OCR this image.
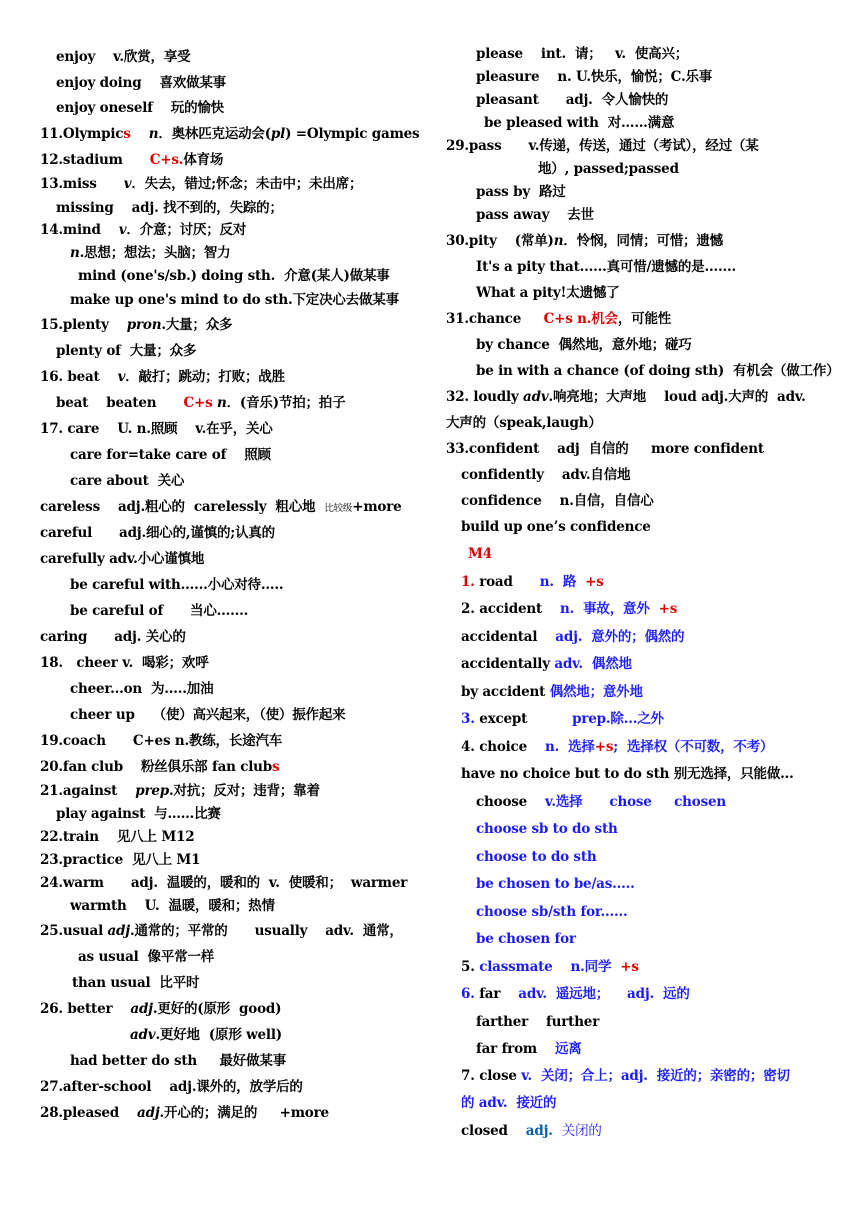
enjoy    v.欣赏，享受
enjoy doing    喜欢做某事
enjoy oneself    玩的愉快
11.Olympics n．奥林匹克运动会(pl) =Olympic games
12.stadium      C+s.体育场
13.miss      v．失去，错过;怀念；未击中；未出席；
missing    adj. 找不到的，失踪的；
14.mind    v．介意；讨厌；反对
n.思想；想法；头脑；智力
mind (one's/sb.) doing sth.  介意(某人)做某事
make up one's mind to do sth.下定决心去做某事
15.plenty    pron.大量；众多
plenty of  大量；众多
16. beat    v．敲打；跳动；打败；战胜
beat    beaten      C+s n．(音乐)节拍；拍子
17. care    U. n.照顾    v.在乎，关心
care for=take care of    照顾
care about  关心
careless    adj.粗心的  carelessly  粗心地  比较级+more
careful      adj.细心的,谨慎的;认真的
carefully adv.小心谨慎地
be careful with......小心对待.....
be careful of      当心.......
caring      adj. 关心的
18.   cheer v.  喝彩；欢呼
cheer...on  为.....加油
cheer up    （使）高兴起来，（使）振作起来
19.coach      C+es n.教练，长途汽车
20.fan club    粉丝俱乐部 fan clubs
21.against    prep.对抗；反对；违背；靠着
play against  与……比赛
22.train    见八上 M12
23.practice  见八上 M1
24.warm      adj.  温暖的，暖和的  v.  使暖和；  warmer
warmth    U.  温暖，暖和；热情
25.usual adj.通常的；平常的      usually    adv.  通常，
as usual  像平常一样
than usual  比平时
26. better    adj.更好的(原形  good)
adv.更好地  (原形 well)
had better do sth     最好做某事
27.after-school    adj.课外的，放学后的
28.pleased    adj.开心的；满足的     +more
please    int.  请；   v.  使高兴；
pleasure    n. U.快乐，愉悦；C.乐事
pleasant      adj.  令人愉快的
be pleased with  对……满意
29.pass      v.传递，传送，通过（考试），经过（某
地）, passed;passed
pass by  路过
pass away    去世
30.pity    (常单)n．怜悯，同情；可惜；遗憾
It's a pity that......真可惜/遗憾的是.......
What a pity!太遗憾了
31.chance     C+s n.机会，可能性
by chance  偶然地，意外地；碰巧
be in with a chance (of doing sth)  有机会（做工作）
32. loudly adv.响亮地；大声地    loud adj.大声的  adv.
大声的（speak,laugh）
33.confident    adj  自信的     more confident
confidently    adv.自信地
confidence    n.自信，自信心
build up one’s confidence
M4
1. road      n.  路  +s
2. accident    n.  事故，意外  +s
accidental    adj.  意外的；偶然的
accidentally adv.  偶然地
by accident 偶然地；意外地
3. except          prep.除...之外
4. choice    n.  选择+s;  选择权（不可数，不考）
have no choice but to do sth 别无选择，只能做...
choose    v.选择      chose     chosen
choose sb to do sth
choose to do sth
be chosen to be/as.....
choose sb/sth for......
be chosen for
5. classmate    n.同学  +s
6. far    adv.  遥远地；    adj.  远的
farther    further
far from    远离
7. close v.  关闭；合上；adj.  接近的；亲密的；密切
的 adv.  接近的
closed    adj.  关闭的
